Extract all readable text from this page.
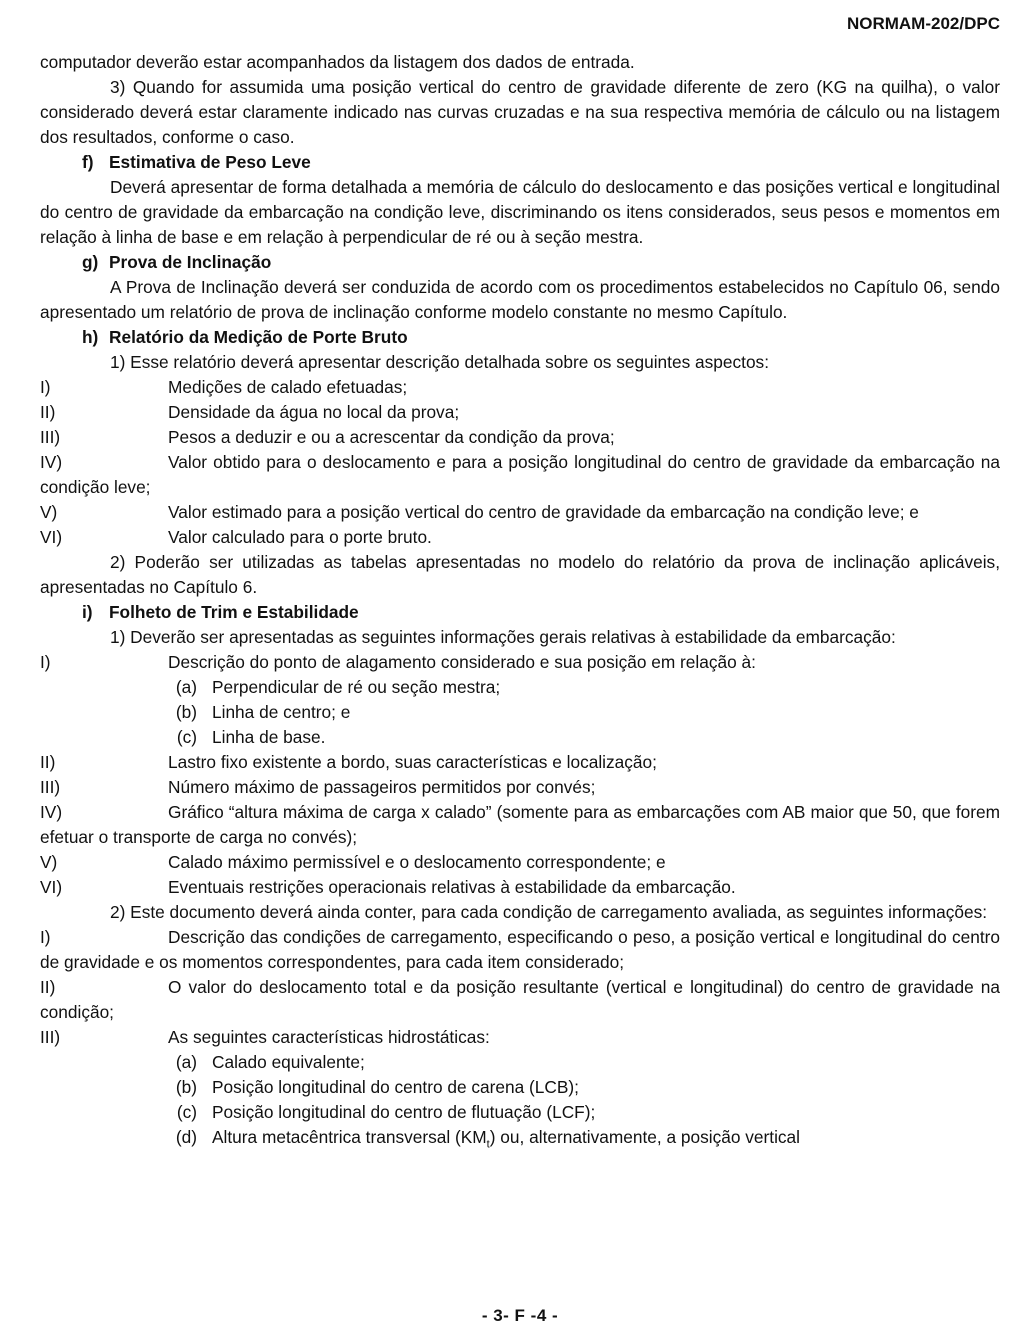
NORMAM-202/DPC

computador deverão estar acompanhados da listagem dos dados de entrada.

3) Quando for assumida uma posição vertical do centro de gravidade diferente de zero (KG na quilha), o valor considerado deverá estar claramente indicado nas curvas cruzadas e na sua respectiva memória de cálculo ou na listagem dos resultados, conforme o caso.

f) Estimativa de Peso Leve

Deverá apresentar de forma detalhada a memória de cálculo do deslocamento e das posições vertical e longitudinal do centro de gravidade da embarcação na condição leve, discriminando os itens considerados, seus pesos e momentos em relação à linha de base e em relação à perpendicular de ré ou à seção mestra.

g) Prova de Inclinação

A Prova de Inclinação deverá ser conduzida de acordo com os procedimentos estabelecidos no Capítulo 06, sendo apresentado um relatório de prova de inclinação conforme modelo constante no mesmo Capítulo.

h) Relatório da Medição de Porte Bruto

1) Esse relatório deverá apresentar descrição detalhada sobre os seguintes aspectos:

I)	Medições de calado efetuadas;
II)	Densidade da água no local da prova;
III)	Pesos a deduzir e ou a acrescentar da condição da prova;
IV)	Valor obtido para o deslocamento e para a posição longitudinal do centro de gravidade da embarcação na condição leve;
V)	Valor estimado para a posição vertical do centro de gravidade da embarcação na condição leve; e
VI)	Valor calculado para o porte bruto.

2) Poderão ser utilizadas as tabelas apresentadas no modelo do relatório da prova de inclinação aplicáveis, apresentadas no Capítulo 6.

i) Folheto de Trim e Estabilidade

1) Deverão ser apresentadas as seguintes informações gerais relativas à estabilidade da embarcação:

I)	Descrição do ponto de alagamento considerado e sua posição em relação à:
(a) Perpendicular de ré ou seção mestra;
(b) Linha de centro; e
(c) Linha de base.
II)	Lastro fixo existente a bordo, suas características e localização;
III)	Número máximo de passageiros permitidos por convés;
IV)	Gráfico “altura máxima de carga x calado” (somente para as embarcações com AB maior que 50, que forem efetuar o transporte de carga no convés);
V)	Calado máximo permissível e o deslocamento correspondente; e
VI)	Eventuais restrições operacionais relativas à estabilidade da embarcação.

2) Este documento deverá ainda conter, para cada condição de carregamento avaliada, as seguintes informações:

I)	Descrição das condições de carregamento, especificando o peso, a posição vertical e longitudinal do centro de gravidade e os momentos correspondentes, para cada item considerado;
II)	O valor do deslocamento total e da posição resultante (vertical e longitudinal) do centro de gravidade na condição;
III)	As seguintes características hidrostáticas:
(a) Calado equivalente;
(b) Posição longitudinal do centro de carena (LCB);
(c) Posição longitudinal do centro de flutuação (LCF);
(d) Altura metacêntrica transversal $(KM_t)$ ou, alternativamente, a posição vertical
- 3- F -4 -
